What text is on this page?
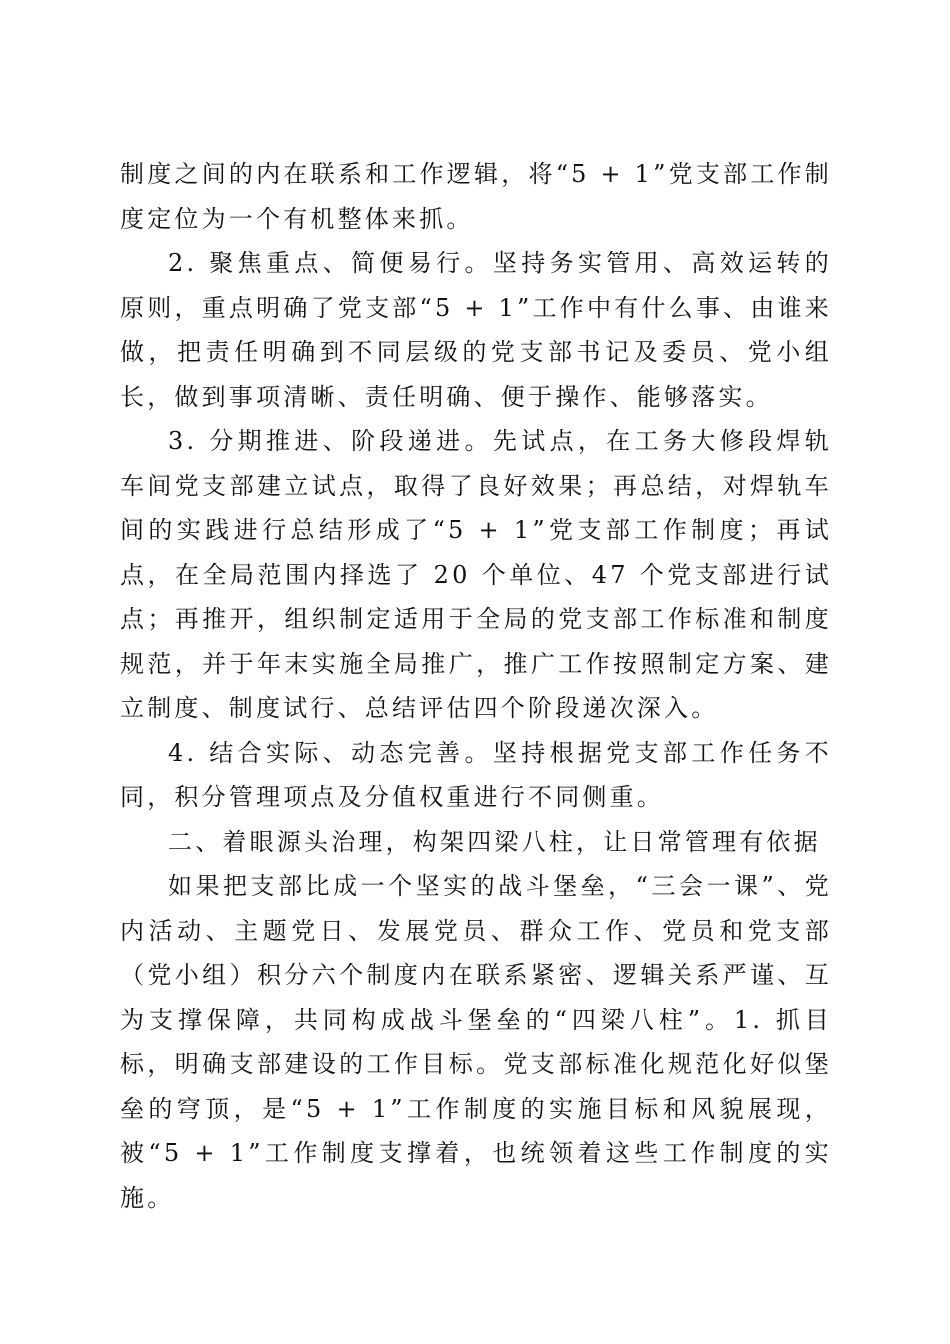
制度之间的内在联系和工作逻辑，将“5 + 1”党支部工作制度定位为一个有机整体来抓。

2. 聚焦重点、简便易行。坚持务实管用、高效运转的原则，重点明确了党支部“5 + 1”工作中有什么事、由谁来做，把责任明确到不同层级的党支部书记及委员、党小组长，做到事项清晰、责任明确、便于操作、能够落实。

3. 分期推进、阶段递进。先试点，在工务大修段焊轨车间党支部建立试点，取得了良好效果；再总结，对焊轨车间的实践进行总结形成了“5 + 1”党支部工作制度；再试点，在全局范围内择选了 20 个单位、47 个党支部进行试点；再推开，组织制定适用于全局的党支部工作标准和制度规范，并于年末实施全局推广，推广工作按照制定方案、建立制度、制度试行、总结评估四个阶段递次深入。

4. 结合实际、动态完善。坚持根据党支部工作任务不同，积分管理项点及分值权重进行不同侧重。

二、着眼源头治理，构架四梁八柱，让日常管理有依据

如果把支部比成一个坚实的战斗堡垒，“三会一课”、党内活动、主题党日、发展党员、群众工作、党员和党支部（党小组）积分六个制度内在联系紧密、逻辑关系严谨、互为支撑保障，共同构成战斗堡垒的“四梁八柱”。1. 抓目标，明确支部建设的工作目标。党支部标准化规范化好似堡垒的穹顶，是“5 + 1”工作制度的实施目标和风貌展现，被“5 + 1”工作制度支撑着，也统领着这些工作制度的实施。
